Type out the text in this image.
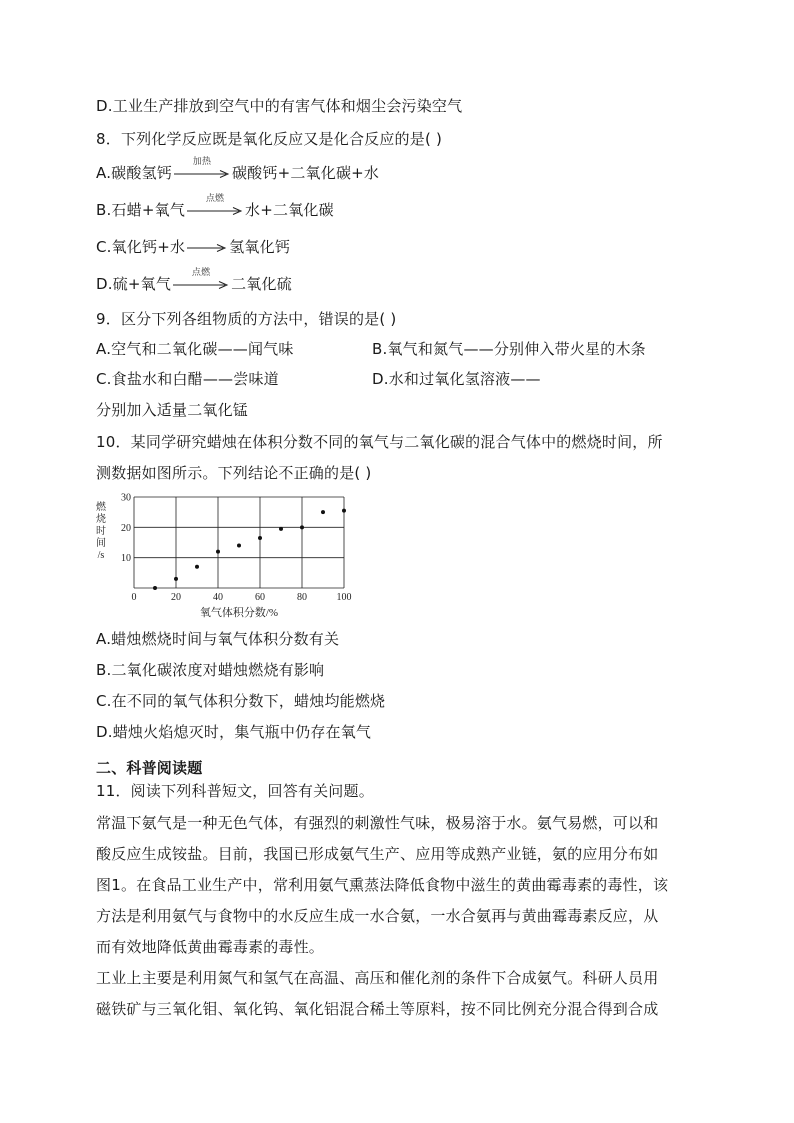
D.工业生产排放到空气中的有害气体和烟尘会污染空气
8．下列化学反应既是氧化反应又是化合反应的是( )
A.碳酸氢钙
加热
碳酸钙+二氧化碳+水
B.石蜡+氧气
点燃
水+二氧化碳
C.氧化钙+水 → 氢氧化钙
D.硫+氧气
点燃
二氧化硫
9．区分下列各组物质的方法中，错误的是( )
A.空气和二氧化碳——闻气味	B.氧气和氮气——分别伸入带火星的木条
C.食盐水和白醋——尝味道	D.水和过氧化氢溶液——
分别加入适量二氧化锰
10．某同学研究蜡烛在体积分数不同的氧气与二氧化碳的混合气体中的燃烧时间，所
测数据如图所示。下列结论不正确的是( )
10
20
30
0	20	40	60	80	100
燃
烧
时
间
/s
氧气体积分数/%
A.蜡烛燃烧时间与氧气体积分数有关
B.二氧化碳浓度对蜡烛燃烧有影响
C.在不同的氧气体积分数下，蜡烛均能燃烧
D.蜡烛火焰熄灭时，集气瓶中仍存在氧气
二、科普阅读题
11．阅读下列科普短文，回答有关问题。
常温下氨气是一种无色气体，有强烈的刺激性气味，极易溶于水。氨气易燃，可以和
酸反应生成铵盐。目前，我国已形成氨气生产、应用等成熟产业链，氨的应用分布如
图1。在食品工业生产中，常利用氨气熏蒸法降低食物中滋生的黄曲霉毒素的毒性，该
方法是利用氨气与食物中的水反应生成一水合氨，一水合氨再与黄曲霉毒素反应，从
而有效地降低黄曲霉毒素的毒性。
工业上主要是利用氮气和氢气在高温、高压和催化剂的条件下合成氨气。科研人员用
磁铁矿与三氧化钼、氧化钨、氧化铝混合稀土等原料，按不同比例充分混合得到合成
